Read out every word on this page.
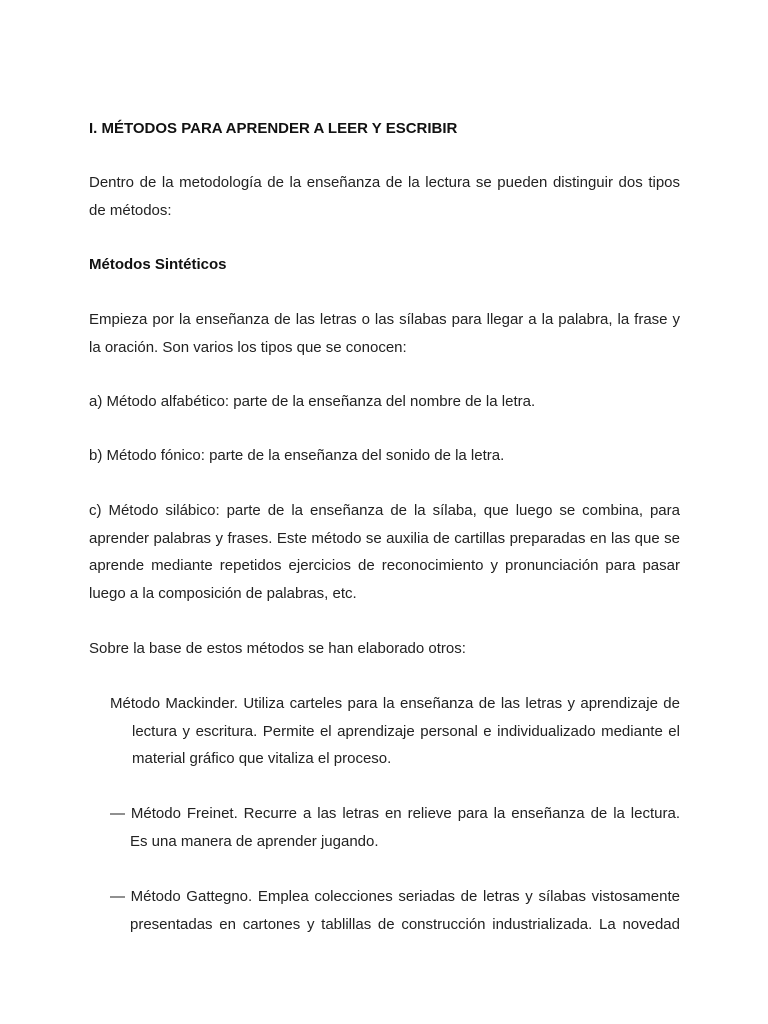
I. MÉTODOS PARA APRENDER A LEER Y ESCRIBIR

Dentro de la metodología de la enseñanza de la lectura se pueden distinguir dos tipos
de métodos:

Métodos Sintéticos

Empieza por la enseñanza de las letras o las sílabas para llegar a la palabra, la frase y
la oración. Son varios los tipos que se conocen:

a) Método alfabético: parte de la enseñanza del nombre de la letra.

b) Método fónico: parte de la enseñanza del sonido de la letra.

c) Método silábico: parte de la enseñanza de la sílaba, que luego se combina, para
aprender palabras y frases. Este método se auxilia de cartillas preparadas en las que se
aprende mediante repetidos ejercicios de reconocimiento y pronunciación para pasar
luego a la composición de palabras, etc.

Sobre la base de estos métodos se han elaborado otros:

Método Mackinder. Utiliza carteles para la enseñanza de las letras y aprendizaje de
lectura y escritura. Permite el aprendizaje personal e individualizado mediante el
material gráfico que vitaliza el proceso.

— Método Freinet. Recurre a las letras en relieve para la enseñanza de la lectura.
Es una manera de aprender jugando.

— Método Gattegno. Emplea colecciones seriadas de letras y sílabas vistosamente
presentadas en cartones y tablillas de construcción industrializada. La novedad
